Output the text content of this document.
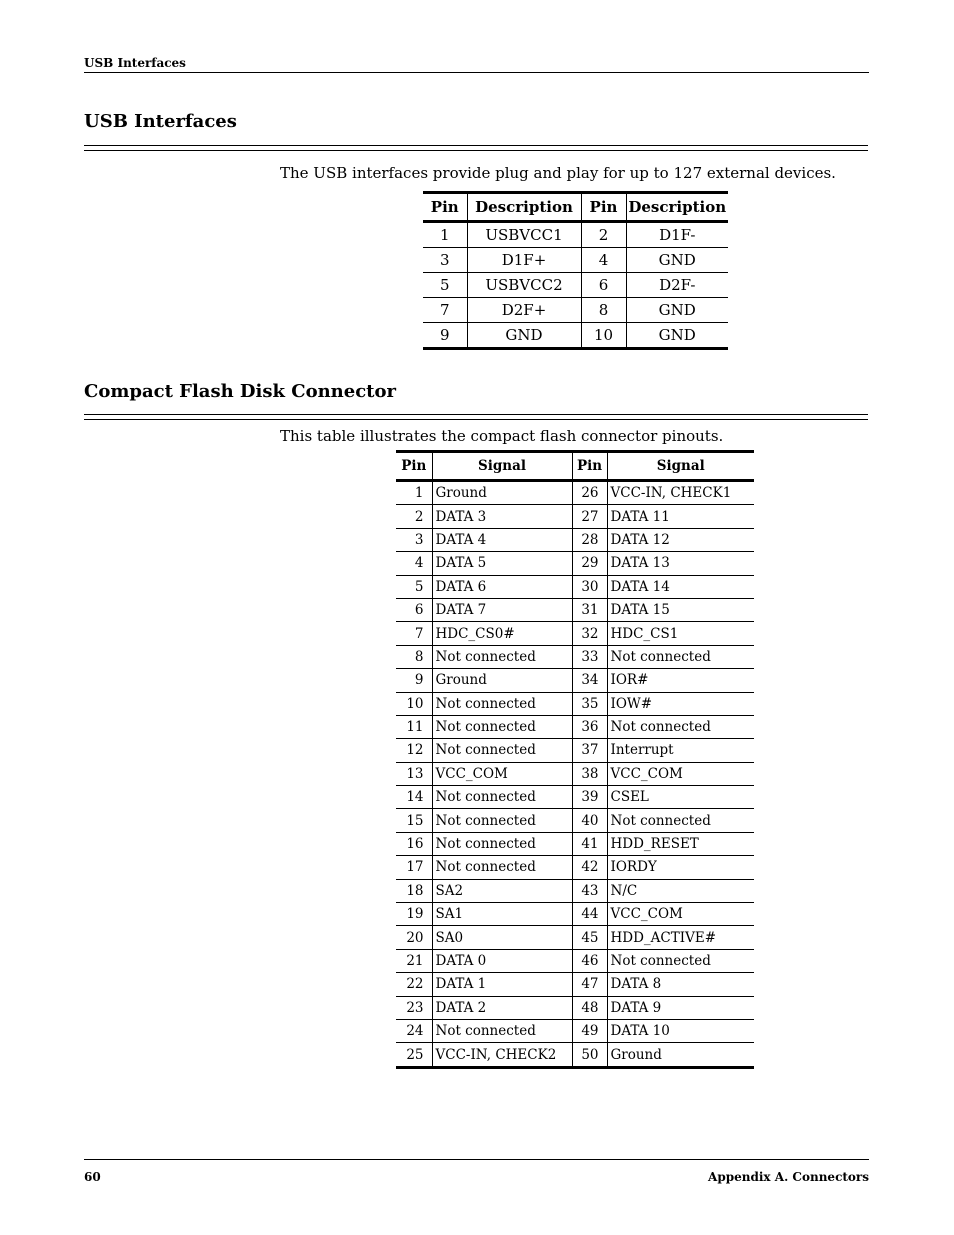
USB Interfaces
USB Interfaces
The USB interfaces provide plug and play for up to 127 external devices.
Pin	Description	Pin	Description
1	USBVCC1	2	D1F-
3	D1F+	4	GND
5	USBVCC2	6	D2F-
7	D2F+	8	GND
9	GND	10	GND
Compact Flash Disk Connector
This table illustrates the compact flash connector pinouts.
Pin	Signal	Pin	Signal
1	Ground	26	VCC-IN, CHECK1
2	DATA 3	27	DATA 11
3	DATA 4	28	DATA 12
4	DATA 5	29	DATA 13
5	DATA 6	30	DATA 14
6	DATA 7	31	DATA 15
7	HDC_CS0#	32	HDC_CS1
8	Not connected	33	Not connected
9	Ground	34	IOR#
10	Not connected	35	IOW#
11	Not connected	36	Not connected
12	Not connected	37	Interrupt
13	VCC_COM	38	VCC_COM
14	Not connected	39	CSEL
15	Not connected	40	Not connected
16	Not connected	41	HDD_RESET
17	Not connected	42	IORDY
18	SA2	43	N/C
19	SA1	44	VCC_COM
20	SA0	45	HDD_ACTIVE#
21	DATA 0	46	Not connected
22	DATA 1	47	DATA 8
23	DATA 2	48	DATA 9
24	Not connected	49	DATA 10
25	VCC-IN, CHECK2	50	Ground
60	Appendix A. Connectors
